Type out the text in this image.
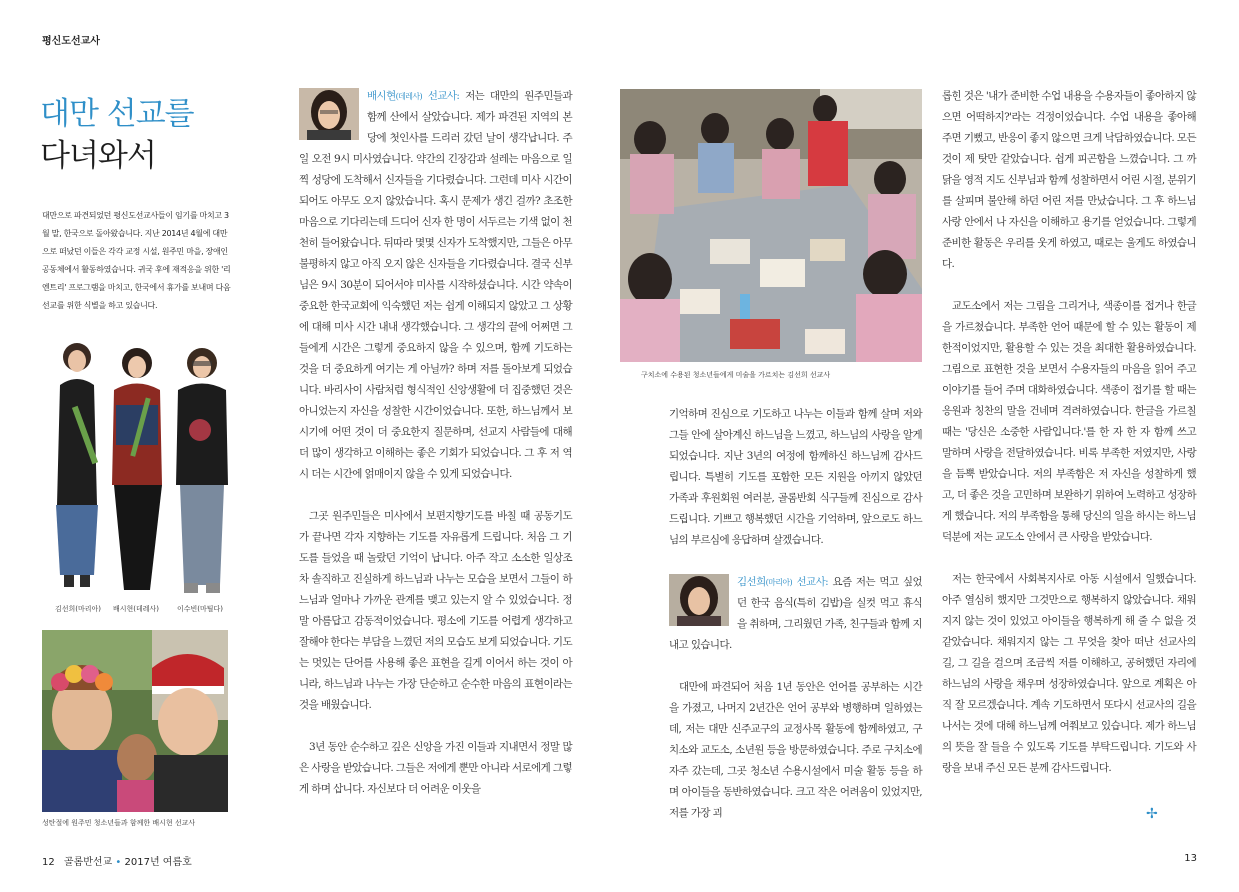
평신도선교사
대만 선교를
다녀와서
대만으로 파견되었던 평신도선교사들이 임기를 마치고 3월 말, 한국으로 돌아왔습니다. 지난 2014년 4월에 대만으로 떠났던 이들은 각각 교정 시설, 원주민 마을, 장애인 공동체에서 활동하였습니다. 귀국 후에 재적응을 위한 '리엔트리' 프로그램을 마치고, 한국에서 휴가를 보내며 다음 선교를 위한 식별을 하고 있습니다.
김선희(마리아) 배시현(데레사)	이수빈(마틸다)
성탄절에 원주민 청소년들과 함께한 배시현 선교사

배시현(데레사) 선교사: 저는 대만의 원주민들과 함께 산에서 살았습니다. 제가 파견된 지역의 본당에 첫인사를 드리러 갔던 날이 생각납니다. 주일 오전 9시 미사였습니다. 약간의 긴장감과 설레는 마음으로 일찍 성당에 도착해서 신자들을 기다렸습니다. 그런데 미사 시간이 되어도 아무도 오지 않았습니다. 혹시 문제가 생긴 걸까? 초조한 마음으로 기다리는데 드디어 신자 한 명이 서두르는 기색 없이 천천히 들어왔습니다. 뒤따라 몇몇 신자가 도착했지만, 그들은 아무 불평하지 않고 아직 오지 않은 신자들을 기다렸습니다. 결국 신부님은 9시 30분이 되어서야 미사를 시작하셨습니다. 시간 약속이 중요한 한국교회에 익숙했던 저는 쉽게 이해되지 않았고 그 상황에 대해 미사 시간 내내 생각했습니다. 그 생각의 끝에 어쩌면 그들에게 시간은 그렇게 중요하지 않을 수 있으며, 함께 기도하는 것을 더 중요하게 여기는 게 아닐까? 하며 저를 돌아보게 되었습니다. 바리사이 사람처럼 형식적인 신앙생활에 더 집중했던 것은 아니었는지 자신을 성찰한 시간이었습니다. 또한, 하느님께서 보시기에 어떤 것이 더 중요한지 질문하며, 선교지 사람들에 대해 더 많이 생각하고 이해하는 좋은 기회가 되었습니다. 그 후 저 역시 더는 시간에 얽매이지 않을 수 있게 되었습니다.

그곳 원주민들은 미사에서 보편지향기도를 바칠 때 공동기도가 끝나면 각자 지향하는 기도를 자유롭게 드립니다. 처음 그 기도를 들었을 때 놀랐던 기억이 납니다. 아주 작고 소소한 일상조차 솔직하고 진실하게 하느님과 나누는 모습을 보면서 그들이 하느님과 얼마나 가까운 관계를 맺고 있는지 알 수 있었습니다. 정말 아름답고 감동적이었습니다. 평소에 기도를 어렵게 생각하고 잘해야 한다는 부담을 느꼈던 저의 모습도 보게 되었습니다. 기도는 멋있는 단어를 사용해 좋은 표현을 길게 이어서 하는 것이 아니라, 하느님과 나누는 가장 단순하고 순수한 마음의 표현이라는 것을 배웠습니다.

3년 동안 순수하고 깊은 신앙을 가진 이들과 지내면서 정말 많은 사랑을 받았습니다. 그들은 저에게 뿐만 아니라 서로에게 그렇게 하며 삽니다. 자신보다 더 어려운 이웃을

구치소에 수용된 청소년들에게 미술을 가르치는 김선희 선교사

기억하며 진심으로 기도하고 나누는 이들과 함께 살며 저와 그들 안에 살아계신 하느님을 느꼈고, 하느님의 사랑을 알게 되었습니다. 지난 3년의 여정에 함께하신 하느님께 감사드립니다. 특별히 기도를 포함한 모든 지원을 아끼지 않았던 가족과 후원회원 여러분, 골롬반회 식구들께 진심으로 감사드립니다. 기쁘고 행복했던 시간을 기억하며, 앞으로도 하느님의 부르심에 응답하며 살겠습니다.

김선희(마리아) 선교사: 요즘 저는 먹고 싶었던 한국 음식(특히 김밥)을 실컷 먹고 휴식을 취하며, 그리웠던 가족, 친구들과 함께 지내고 있습니다.

대만에 파견되어 처음 1년 동안은 언어를 공부하는 시간을 가졌고, 나머지 2년간은 언어 공부와 병행하며 일하였는데, 저는 대만 신주교구의 교정사목 활동에 함께하였고, 구치소와 교도소, 소년원 등을 방문하였습니다. 주로 구치소에 자주 갔는데, 그곳 청소년 수용시설에서 미술 활동 등을 하며 아이들을 동반하였습니다. 크고 작은 어려움이 있었지만, 저를 가장 괴

롭힌 것은 '내가 준비한 수업 내용을 수용자들이 좋아하지 않으면 어떡하지?'라는 걱정이었습니다. 수업 내용을 좋아해 주면 기뻤고, 반응이 좋지 않으면 크게 낙담하였습니다. 모든 것이 제 탓만 같았습니다. 쉽게 피곤함을 느꼈습니다. 그 까닭을 영적 지도 신부님과 함께 성찰하면서 어린 시절, 분위기를 살피며 불안해 하던 어린 저를 만났습니다. 그 후 하느님 사랑 안에서 나 자신을 이해하고 용기를 얻었습니다. 그렇게 준비한 활동은 우리를 웃게 하였고, 때로는 울게도 하였습니다.

교도소에서 저는 그림을 그리거나, 색종이를 접거나 한글을 가르쳤습니다. 부족한 언어 때문에 할 수 있는 활동이 제한적이었지만, 활용할 수 있는 것을 최대한 활용하였습니다. 그림으로 표현한 것을 보면서 수용자들의 마음을 읽어 주고 이야기를 들어 주며 대화하였습니다. 색종이 접기를 할 때는 응원과 칭찬의 말을 건네며 격려하였습니다. 한글을 가르칠 때는 '당신은 소중한 사람입니다.'를 한 자 한 자 함께 쓰고 말하며 사랑을 전달하였습니다. 비록 부족한 저였지만, 사랑을 듬뿍 받았습니다. 저의 부족함은 저 자신을 성찰하게 했고, 더 좋은 것을 고민하며 보완하기 위하여 노력하고 성장하게 했습니다. 저의 부족함을 통해 당신의 일을 하시는 하느님 덕분에 저는 교도소 안에서 큰 사랑을 받았습니다.

저는 한국에서 사회복지사로 아동 시설에서 일했습니다. 아주 열심히 했지만 그것만으로 행복하지 않았습니다. 채워지지 않는 것이 있었고 아이들을 행복하게 해 줄 수 없을 것 같았습니다. 채워지지 않는 그 무엇을 찾아 떠난 선교사의 길, 그 길을 걸으며 조금씩 저를 이해하고, 공허했던 자리에 하느님의 사랑을 채우며 성장하였습니다. 앞으로 계획은 아직 잘 모르겠습니다. 계속 기도하면서 또다시 선교사의 길을 나서는 것에 대해 하느님께 여쭤보고 있습니다. 제가 하느님의 뜻을 잘 들을 수 있도록 기도를 부탁드립니다. 기도와 사랑을 보내 주신 모든 분께 감사드립니다.

✢
12 골롬반선교 • 2017년 여름호	13
